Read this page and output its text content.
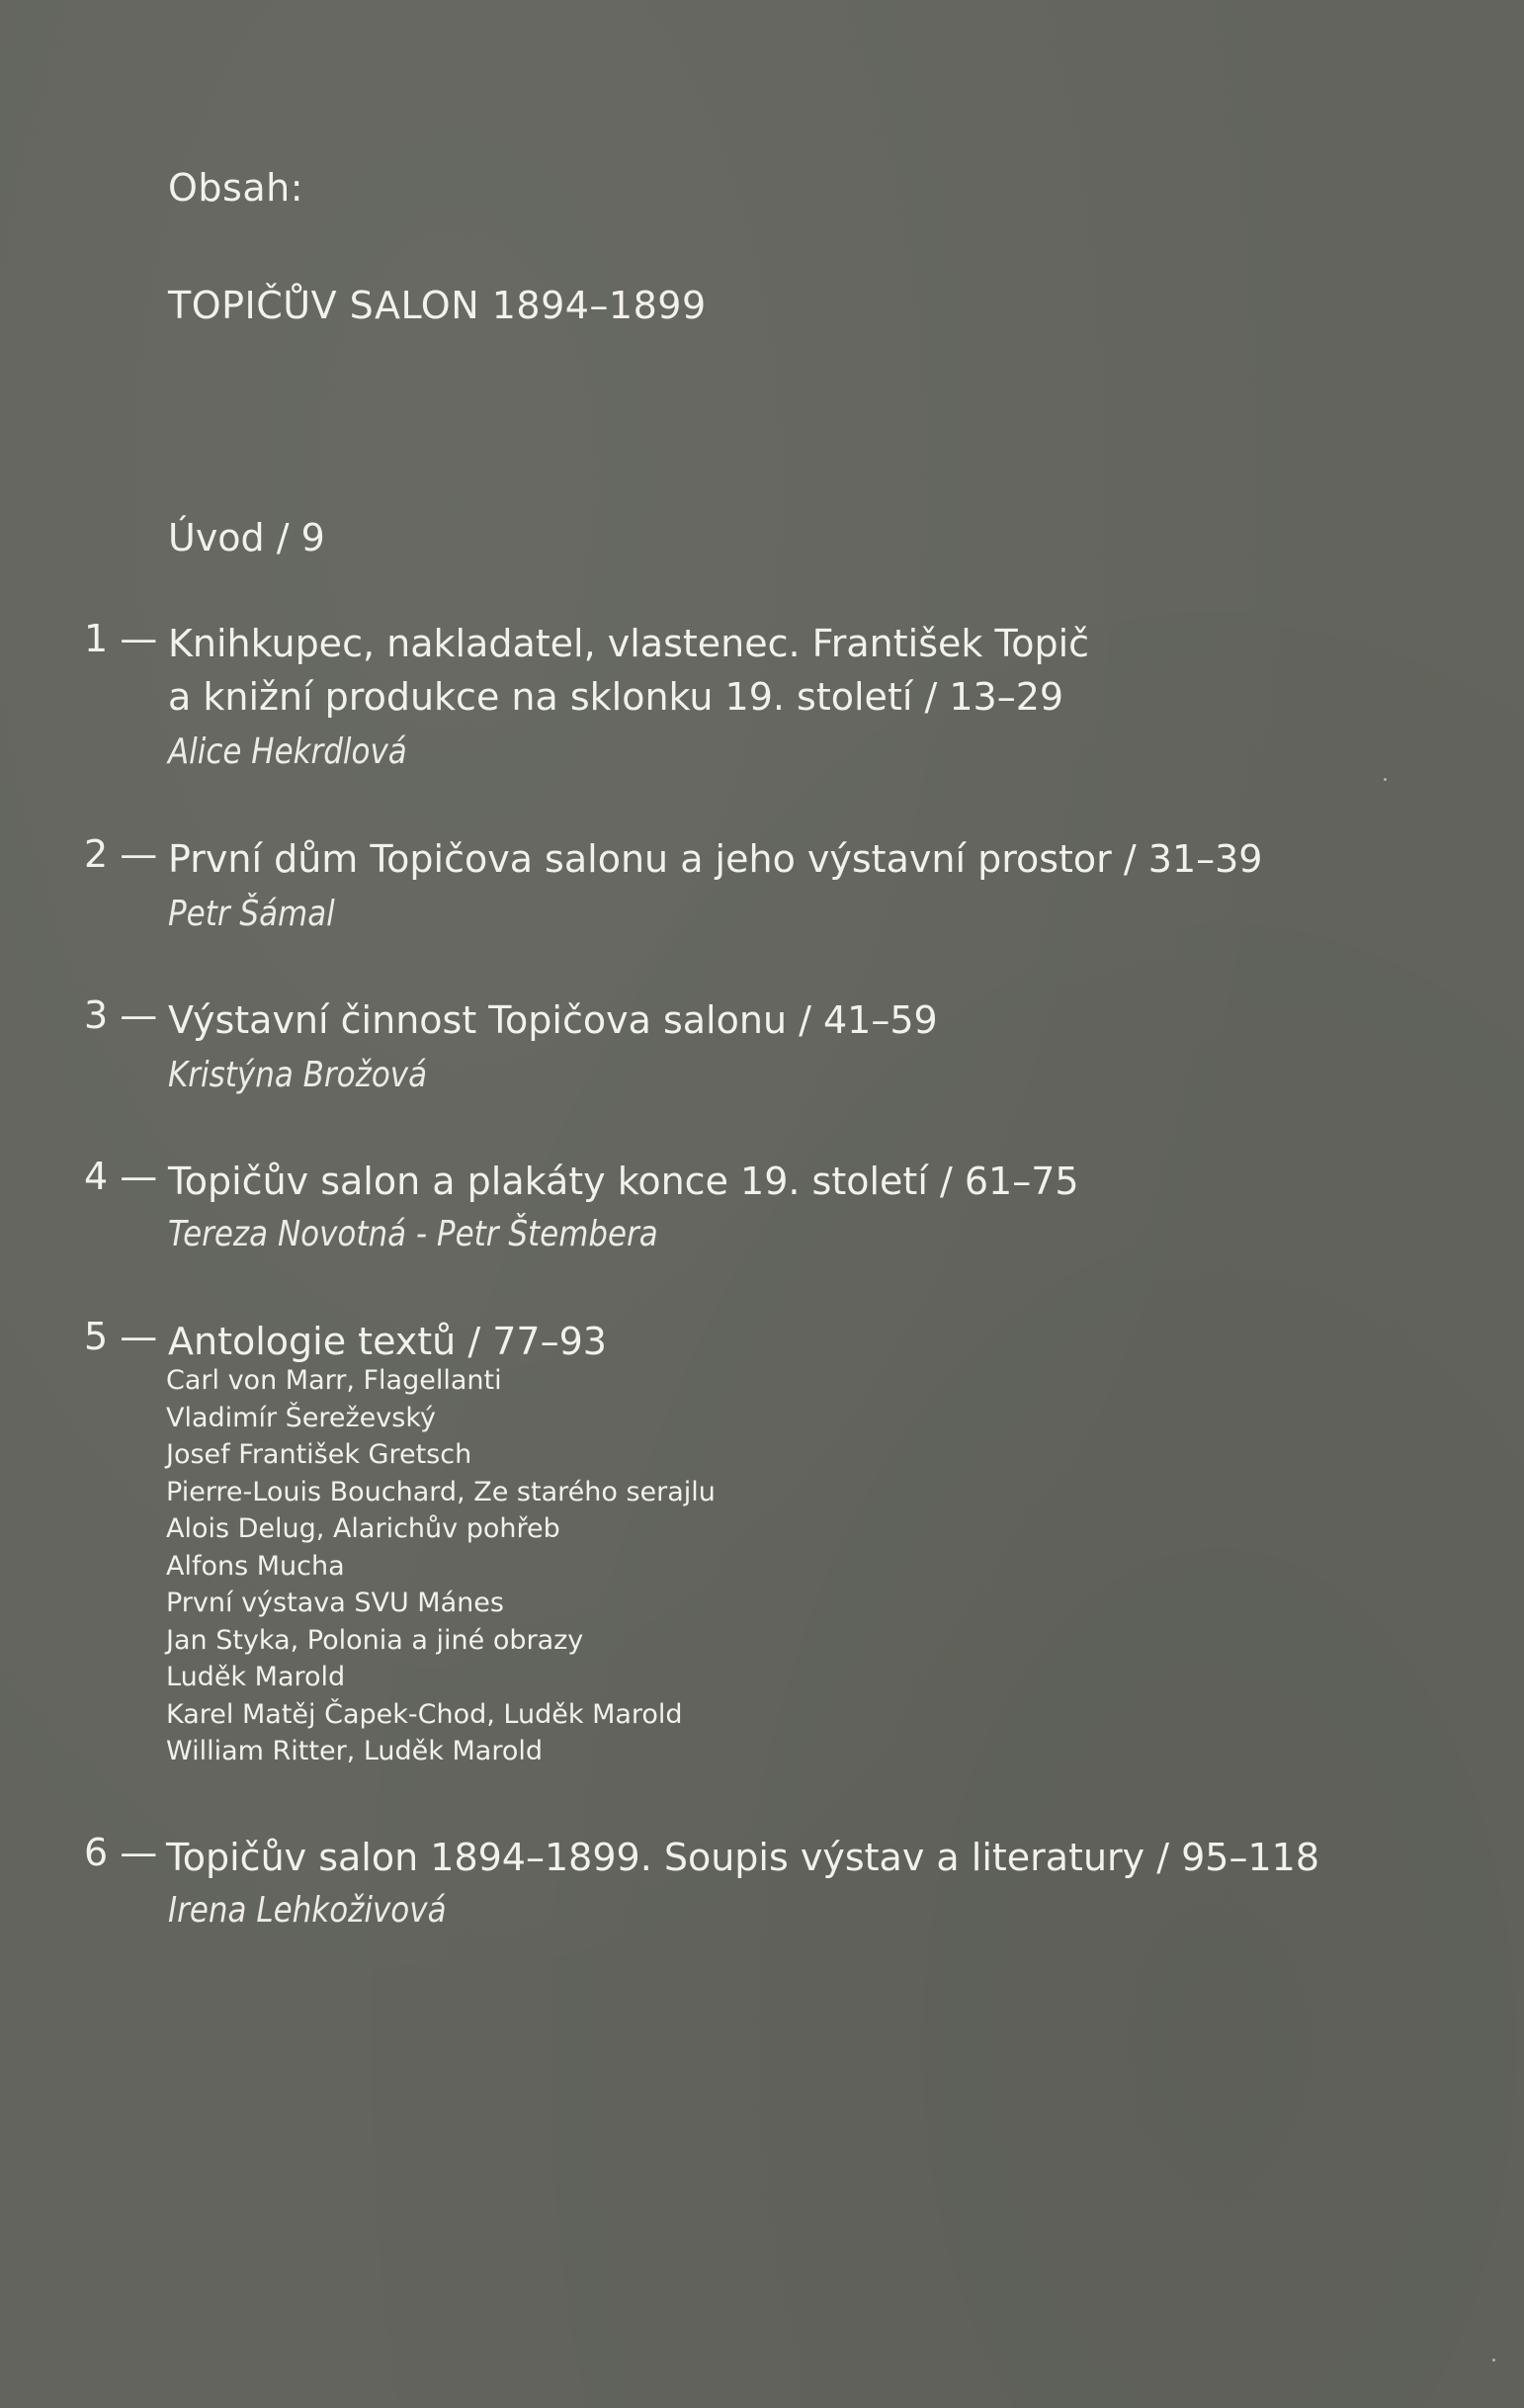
Obsah:
TOPIČŮV SALON 1894–1899
Úvod / 9
1 — Knihkupec, nakladatel, vlastenec. František Topič
a knižní produkce na sklonku 19. století / 13–29
Alice Hekrdlová
2 — První dům Topičova salonu a jeho výstavní prostor / 31–39
Petr Šámal
3 — Výstavní činnost Topičova salonu / 41–59
Kristýna Brožová
4 — Topičův salon a plakáty konce 19. století / 61–75
Tereza Novotná - Petr Štembera
5 — Antologie textů / 77–93
Carl von Marr, Flagellanti
Vladimír Šereževský
Josef František Gretsch
Pierre-Louis Bouchard, Ze starého serajlu
Alois Delug, Alarichův pohřeb
Alfons Mucha
První výstava SVU Mánes
Jan Styka, Polonia a jiné obrazy
Luděk Marold
Karel Matěj Čapek-Chod, Luděk Marold
William Ritter, Luděk Marold
6 — Topičův salon 1894–1899. Soupis výstav a literatury / 95–118
Irena Lehkoživová
